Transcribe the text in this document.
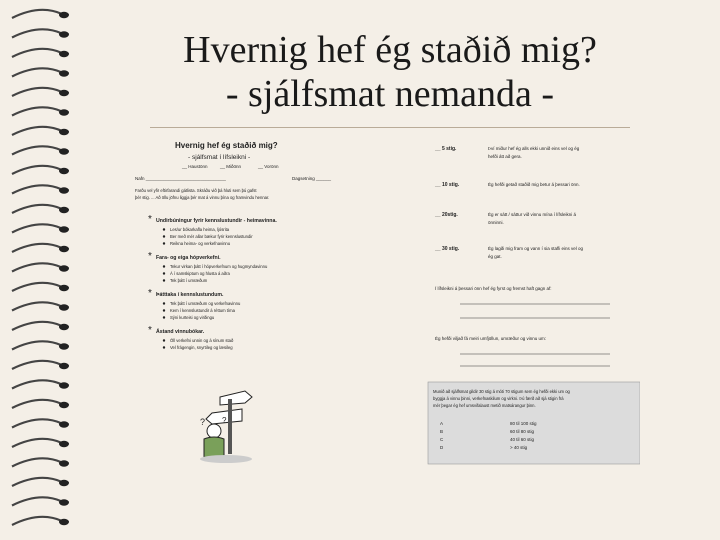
Hvernig hef ég staðið mig?
- sjálfsmat nemanda -
Hvernig hef ég staðið mig?
- sjálfsmat í lífsleikni -
__ Haustönn	__ Miðönn	__ Vorönn
Nafn ________________________________	Dagsetning ______
Farðu vel yfir eftirfarandi gátlista. Skráðu við þá hluti sem þú gafst
þér stig. ... Að öllu jöfnu liggja þér mat á vinnu þína og framvindu hennar.
* Undirbúningur fyrir kennslustundir - heimavinna.
Les/ur bókarkafla heima, ljósrita
Ber með mér allar bækur fyrir kennslustundir
Reikna heima- og verkefnavinnu
* Fara- og eiga hópverkefni.
Tekur virkan þátt í hópverkefnum og hugmyndavinnu
Á í samskiptum og hlusta á aðra
Tek þátt í umræðum
* Þátttaka í kennslustundum.
Tek þátt í umræðum og verkefnavinnu
Kem í kennslustundir á réttum tíma
Sýni kurteisi og virðingu
* Ástand vinnubókar.
Öll verkefni unnin og á sínum stað
Vel frágengin, snyrtileg og læsileg
? ?
__ 5 stig.	Því miður hef ég alls ekki unnið eins vel og ég
hefði átt að gera.
__ 10 stig.	Ég hefði getað staðið mig betur á þessari önn.
__ 20stig.	Ég er sátt / sáttur við vinnu mína í lífsleikni á
önninni.
__ 30 stig.	Ég lagði mig fram og vann í sia stafli eins vel og
ég gat.
Í lífsleikni á þessari önn hef ég fyrst og fremst haft gagn af:
Ég hefði viljað fá meiri umfjöllun, umræður og vinnu um:
Munið að sjálfsmat gildir 30 stig á móti 70 stigum sem ég hefði ekki um og
byggja á vinnu þinni, verkefnaskilum og virkni. Þú færð að sjá stigin frá
mér þegar ég hef umsvifalaust metið matsárangur þinn.
A	80 til 100 stig
B	60 til 80 stig
C	40 til 60 stig
D	> 40 stig
